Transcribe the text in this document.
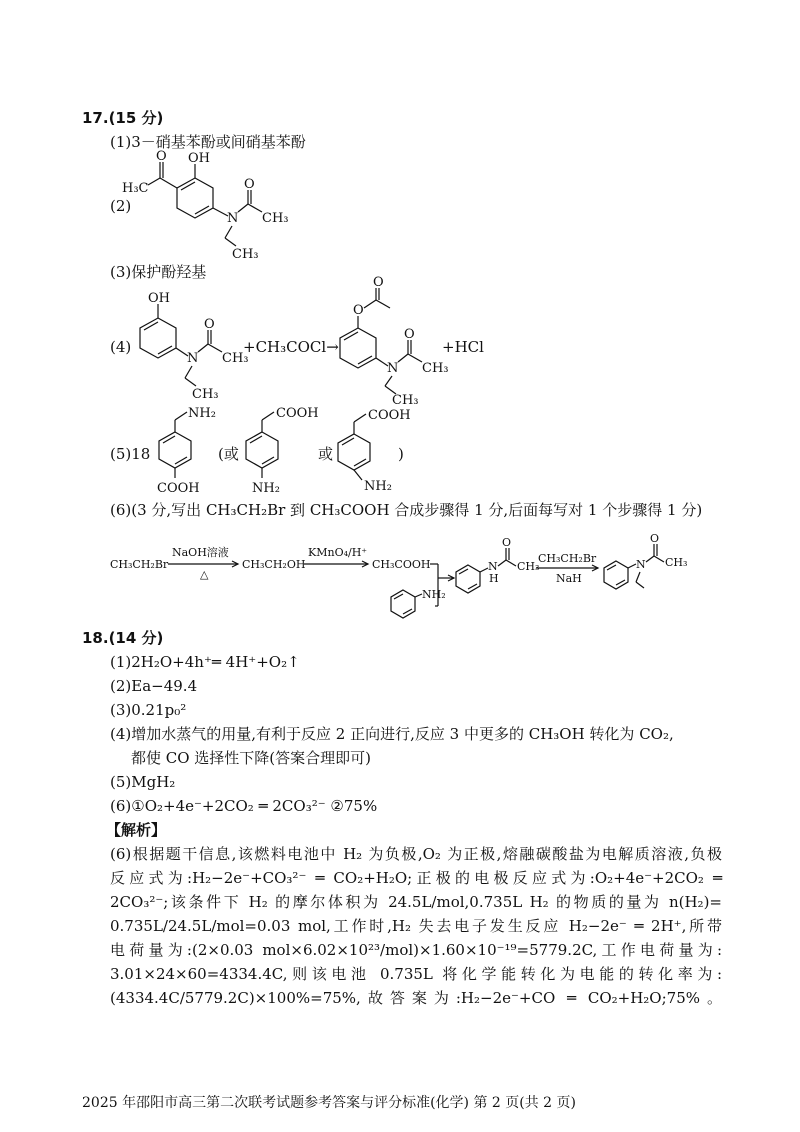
17.(15 分)
(1)3－硝基苯酚或间硝基苯酚
(2)
OH
O
H₃C
N
O
CH₃
CH₃
(3)保护酚羟基
(4)
OH
N
O
CH₃
CH₃
+CH₃COCl→
O
O
N
O
CH₃
CH₃
+HCl
(5)18
NH₂
COOH
(或
COOH
NH₂
或
COOH
NH₂
)
(6)(3 分,写出 CH₃CH₂Br 到 CH₃COOH 合成步骤得 1 分,后面每写对 1 个步骤得 1 分)
CH₃CH₂Br
NaOH溶液
△
CH₃CH₂OH
KMnO₄/H⁺
CH₃COOH
NH₂
N
H
O
CH₃
CH₃CH₂Br
NaH
N
O
CH₃
18.(14 分)
(1)2H₂O+4h⁺═ 4H⁺+O₂↑
(2)Ea−49.4
(3)0.21p₀²
(4)增加水蒸气的用量,有利于反应 2 正向进行,反应 3 中更多的 CH₃OH 转化为 CO₂,
都使 CO 选择性下降(答案合理即可)
(5)MgH₂
(6)①O₂+4e⁻+2CO₂ ═ 2CO₃²⁻ ②75%
【解析】
(6)根据题干信息,该燃料电池中 H₂ 为负极,O₂ 为正极,熔融碳酸盐为电解质溶液,负极
反应式为:H₂−2e⁻+CO₃²⁻ ═ CO₂+H₂O;正极的电极反应式为:O₂+4e⁻+2CO₂ ═
2CO₃²⁻;该条件下 H₂ 的摩尔体积为 24.5L/mol,0.735L H₂ 的物质的量为 n(H₂)=
0.735L/24.5L/mol=0.03 mol,工作时,H₂ 失去电子发生反应 H₂−2e⁻ ═ 2H⁺,所带
电荷量为:(2×0.03 mol×6.02×10²³/mol)×1.60×10⁻¹⁹=5779.2C,工作电荷量为:
3.01×24×60=4334.4C,则该电池 0.735L 将化学能转化为电能的转化率为:
(4334.4C/5779.2C)×100%=75%,故答案为:H₂−2e⁻+CO ═ CO₂+H₂O;75%。
2025 年邵阳市高三第二次联考试题参考答案与评分标准(化学) 第 2 页(共 2 页)
